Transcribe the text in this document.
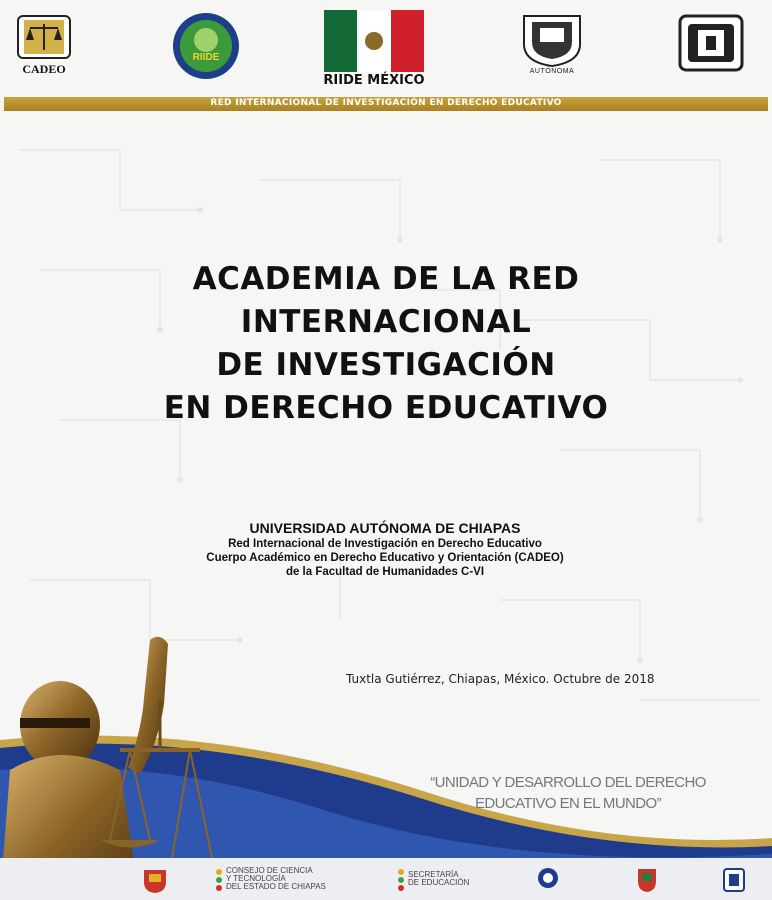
CADEO
RIIDE
RIIDE MÉXICO
AUTÓNOMA
RED INTERNACIONAL DE INVESTIGACIÓN EN DERECHO EDUCATIVO
ACADEMIA DE LA RED
INTERNACIONAL
DE INVESTIGACIÓN
EN DERECHO EDUCATIVO
UNIVERSIDAD AUTÓNOMA DE CHIAPAS
Red Internacional de Investigación en Derecho Educativo
Cuerpo Académico en Derecho Educativo y Orientación (CADEO)
de la Facultad de Humanidades C-VI
Tuxtla Gutiérrez, Chiapas, México. Octubre de 2018
“UNIDAD Y DESARROLLO DEL DERECHO
EDUCATIVO EN EL MUNDO”
CONSEJO DE CIENCIA
Y TECNOLOGÍA
DEL ESTADO DE CHIAPAS
SECRETARÍA
DE EDUCACIÓN
